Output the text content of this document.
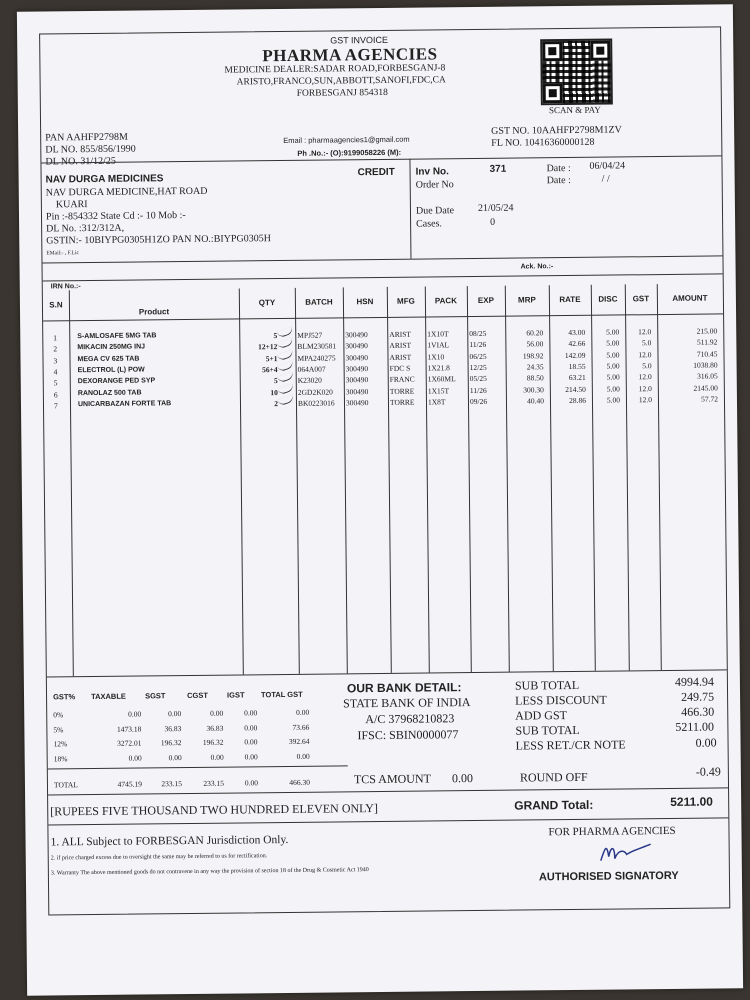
GST INVOICE
PHARMA AGENCIES
MEDICINE DEALER:SADAR ROAD,FORBESGANJ-8
ARISTO,FRANCO,SUN,ABBOTT,SANOFI,FDC,CA
FORBESGANJ 854318
PAN AAHFP2798M
DL NO. 855/856/1990
DL NO. 31/12/25
Email : pharmaagencies1@gmail.com
Ph .No.:- (O):9199058226 (M):
SCAN & PAY
GST NO. 10AAHFP2798M1ZV
FL NO. 10416360000128
NAV DURGA MEDICINES
NAV DURGA MEDICINE,HAT ROAD
KUARI
Pin :-854332 State Cd :- 10 Mob :-
DL No. :312/312A,
GSTIN:- 10BIYPG0305H1ZO PAN NO.:BIYPG0305H
EMail:- , F.Lic
CREDIT Inv No.	371
Order No
Date : 06/04/24
Date :	/ /
Due Date 21/05/24
Cases.	0
Ack. No.:-
IRN No.:-
S.N
Product
QTY	BATCH	HSN	MFG	PACK	EXP	MRP	RATE	DISC	GST	AMOUNT
1	S-AMLOSAFE 5MG TAB	5	MPJ527	300490	ARIST 1X10T	08/25	60.20	43.00	5.00	12.0	215.00
2	MIKACIN 250MG INJ	12+12	BLM230581 300490	ARIST 1VIAL	11/26	56.00	42.66	5.00	5.0	511.92
3	MEGA CV 625 TAB	5+1	MPA240275 300490	ARIST 1X10	06/25	198.92	142.09	5.00	12.0	710.45
4	ELECTROL (L) POW	56+4	064A007	300490	FDC S 1X21.8	12/25	24.35	18.55	5.00	5.0	1038.80
5	DEXORANGE PED SYP	5	K23020	300490	FRANC 1X60ML 05/25	88.50	63.21	5.00	12.0	316.05
6	RANOLAZ 500 TAB	10	2GD2K020 300490	TORRE 1X15T	11/26	300.30	214.50	5.00	12.0	2145.00
7	UNICARBAZAN FORTE TAB	2	BK0223016 300490	TORRE 1X8T	09/26	40.40	28.86	5.00	12.0	57.72
GST% TAXABLE	SGST	CGST	IGST TOTAL GST
0%	0.00	0.00	0.00	0.00	0.00
5%	1473.18	36.83	36.83	0.00	73.66
12%	3272.01	196.32	196.32	0.00	392.64
18%	0.00	0.00	0.00	0.00	0.00
TOTAL	4745.19	233.15	233.15	0.00	466.30
OUR BANK DETAIL:
STATE BANK OF INDIA
A/C 37968210823
IFSC: SBIN0000077
TCS AMOUNT 0.00
SUB TOTAL	4994.94
LESS DISCOUNT	249.75
ADD GST	466.30
SUB TOTAL	5211.00
LESS RET./CR NOTE	0.00
ROUND OFF	-0.49
[RUPEES FIVE THOUSAND TWO HUNDRED ELEVEN ONLY]	GRAND Total:	5211.00
1. ALL Subject to FORBESGAN Jurisdiction Only.
2. if price charged excess due to oversight the same may be referred to us for rectification.
3. Warranty The above mentioned goods do not contravene in any way the provision of section 18 of the Drug & Cosmetic Act 1940
FOR PHARMA AGENCIES
AUTHORISED SIGNATORY
